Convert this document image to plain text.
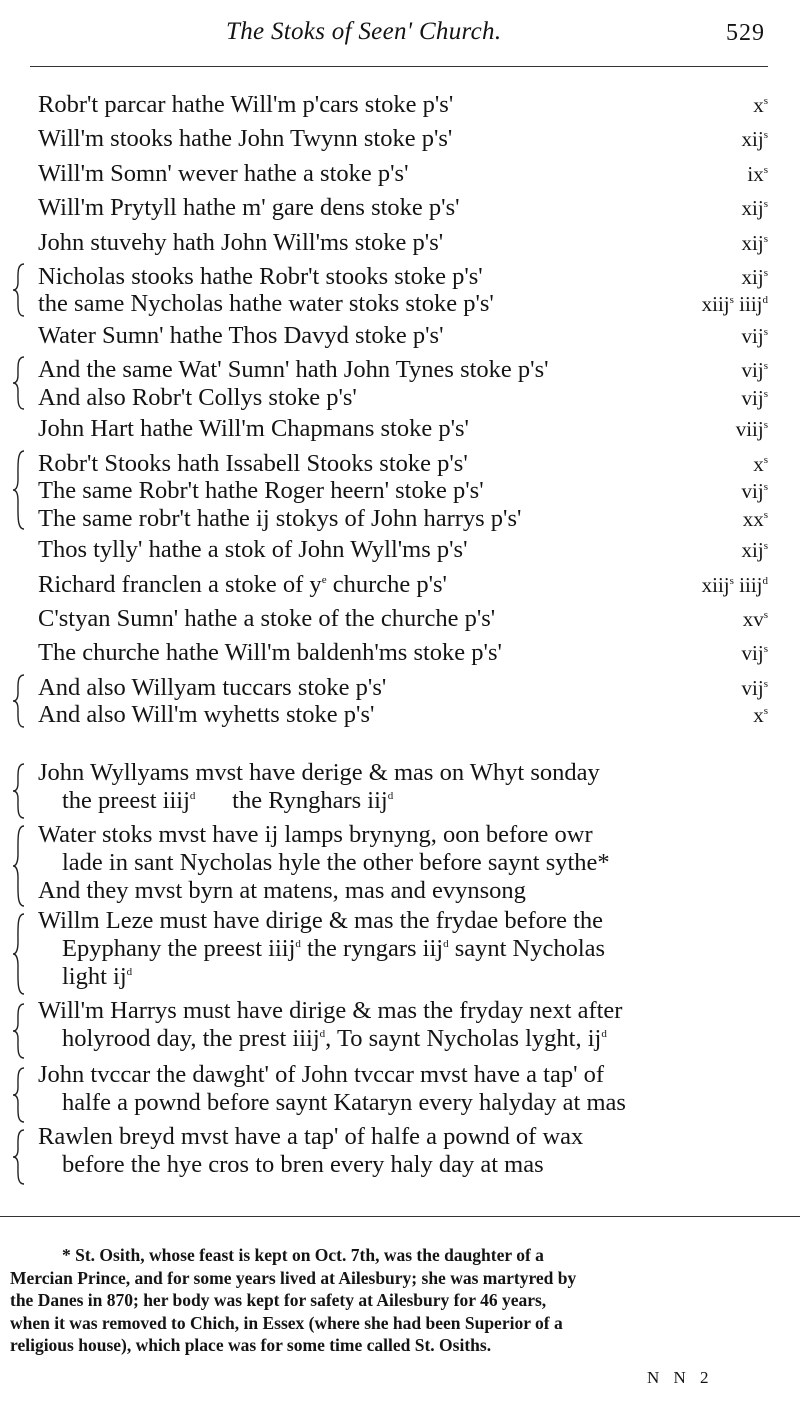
The Stoks of Seen' Church.	529
Robr't parcar hathe Will'm p'cars stoke p's'	$x^s$
Will'm stooks hathe John Twynn stoke p's'	xij$^s$
Will'm Somn' wever hathe a stoke p's'	$ix^s$
Will'm Prytyll hathe m' gare dens stoke p's'	xij$^s$
John stuvehy hath John Will'ms stoke p's'	xij$^s$
Nicholas stooks hathe Robr't stooks stoke p's'	xij$^s$
the same Nycholas hathe water stoks stoke p's'	xiij$^s$ iiij$^d$
Water Sumn' hathe Thos Davyd stoke p's'	vij$^s$
And the same Wat' Sumn' hath John Tynes stoke p's'	vij$^s$
And also Robr't Collys stoke p's'	vij$^s$
John Hart hathe Will'm Chapmans stoke p's'	viij$^s$
Robr't Stooks hath Issabell Stooks stoke p's'	$x^s$
The same Robr't hathe Roger heern' stoke p's'	vij$^s$
The same robr't hathe ij stokys of John harrys p's'	$xx^s$
Thos tylly' hathe a stok of John Wyll'ms p's'	xij$^s$
Richard franclen a stoke of $y^e$ churche p's'	xiij$^s$ iiij$^d$
C'styan Sumn' hathe a stoke of the churche p's'	$xv^s$
The churche hathe Will'm baldenh'ms stoke p's'	vij$^s$
And also Willyam tuccars stoke p's'	vij$^s$
And also Will'm wyhetts stoke p's'	$x^s$
John Wyllyams mvst have derige & mas on Whyt sonday
the preest iiij$^d$      the Rynghars iij$^d$
Water stoks mvst have ij lamps brynyng, oon before owr
lade in sant Nycholas hyle the other before saynt sythe*
And they mvst byrn at matens, mas and evynsong
Willm Leze must have dirige & mas the frydae before the
Epyphany the preest iiij$^d$ the ryngars iij$^d$ saynt Nycholas
light $ij^d$
Will'm Harrys must have dirige & mas the fryday next after
holyrood day, the prest iiij$^d$, To saynt Nycholas lyght, $ij^d$
John tvccar the dawght' of John tvccar mvst have a tap' of
halfe a pownd before saynt Kataryn every halyday at mas
Rawlen breyd mvst have a tap' of halfe a pownd of wax
before the hye cros to bren every haly day at mas
* St. Osith, whose feast is kept on Oct. 7th, was the daughter of a
Mercian Prince, and for some years lived at Ailesbury; she was martyred by
the Danes in 870; her body was kept for safety at Ailesbury for 46 years,
when it was removed to Chich, in Essex (where she had been Superior of a
religious house), which place was for some time called St. Osiths.
N N 2
